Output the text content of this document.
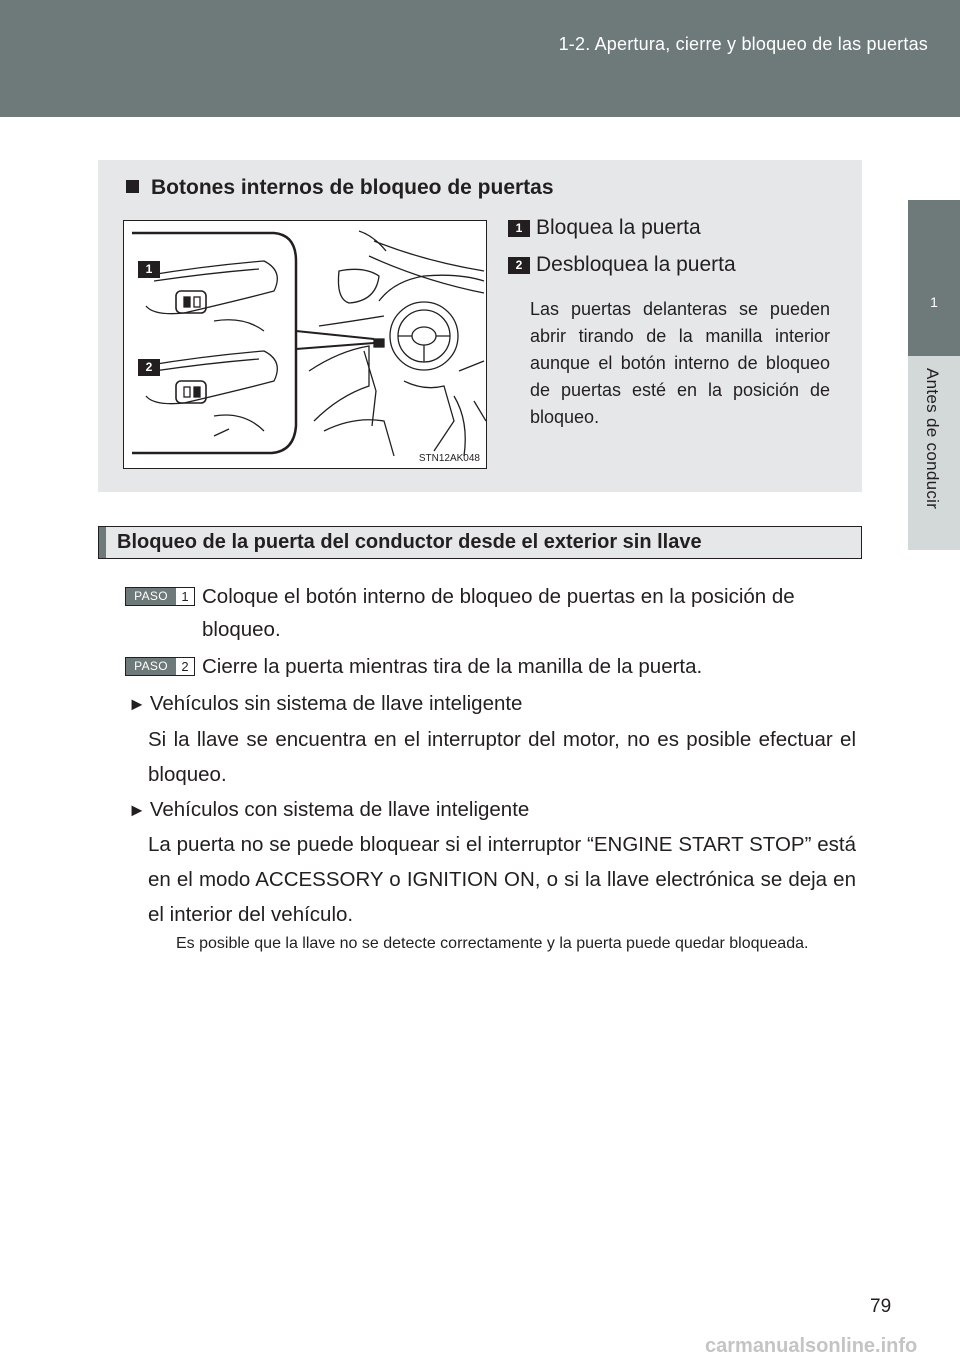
1-2. Apertura, cierre y bloqueo de las puertas
1
Antes de conducir
Botones internos de bloqueo de puertas
1
2
STN12AK048
1 Bloquea la puerta
2 Desbloquea la puerta
Las puertas delanteras se pueden abrir tirando de la manilla interior aunque el botón interno de bloqueo de puertas esté en la posición de bloqueo.
Bloqueo de la puerta del conductor desde el exterior sin llave
PASO	1 Coloque el botón interno de bloqueo de puertas en la posición de bloqueo.
PASO	2 Cierre la puerta mientras tira de la manilla de la puerta.
► Vehículos sin sistema de llave inteligente
Si la llave se encuentra en el interruptor del motor, no es posible efectuar el bloqueo.
► Vehículos con sistema de llave inteligente
La puerta no se puede bloquear si el interruptor “ENGINE START STOP” está en el modo ACCESSORY o IGNITION ON, o si la llave electrónica se deja en el interior del vehículo.
Es posible que la llave no se detecte correctamente y la puerta puede quedar bloqueada.
79
carmanualsonline.info
